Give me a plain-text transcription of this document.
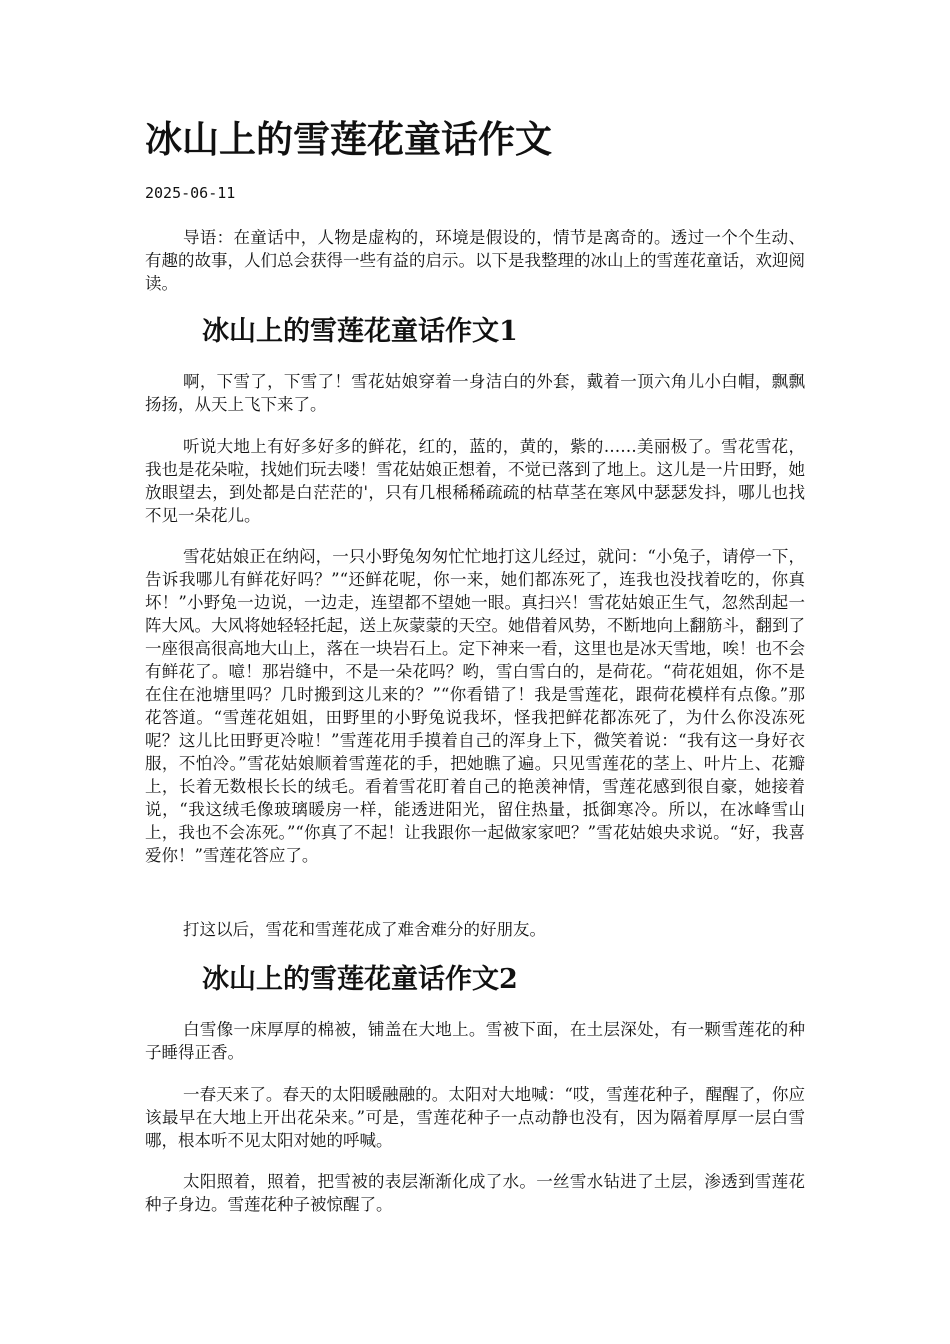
冰山上的雪莲花童话作文
2025-06-11

导语：在童话中，人物是虚构的，环境是假设的，情节是离奇的。透过一个个生动、有趣的故事，人们总会获得一些有益的启示。以下是我整理的冰山上的雪莲花童话，欢迎阅读。

冰山上的雪莲花童话作文1

啊，下雪了，下雪了！雪花姑娘穿着一身洁白的外套，戴着一顶六角儿小白帽，飘飘扬扬，从天上飞下来了。

听说大地上有好多好多的鲜花，红的，蓝的，黄的，紫的……美丽极了。雪花雪花，我也是花朵啦，找她们玩去喽！雪花姑娘正想着，不觉已落到了地上。这儿是一片田野，她放眼望去，到处都是白茫茫的'，只有几根稀稀疏疏的枯草茎在寒风中瑟瑟发抖，哪儿也找不见一朵花儿。

雪花姑娘正在纳闷，一只小野兔匆匆忙忙地打这儿经过，就问：“小兔子，请停一下，告诉我哪儿有鲜花好吗？”“还鲜花呢，你一来，她们都冻死了，连我也没找着吃的，你真坏！”小野兔一边说，一边走，连望都不望她一眼。真扫兴！雪花姑娘正生气，忽然刮起一阵大风。大风将她轻轻托起，送上灰蒙蒙的天空。她借着风势，不断地向上翻筋斗，翻到了一座很高很高地大山上，落在一块岩石上。定下神来一看，这里也是冰天雪地，唉！也不会有鲜花了。噫！那岩缝中，不是一朵花吗？哟，雪白雪白的，是荷花。“荷花姐姐，你不是在住在池塘里吗？几时搬到这儿来的？”“你看错了！我是雪莲花，跟荷花模样有点像。”那花答道。“雪莲花姐姐，田野里的小野兔说我坏，怪我把鲜花都冻死了，为什么你没冻死呢？这儿比田野更冷啦！”雪莲花用手摸着自己的浑身上下，微笑着说：“我有这一身好衣服，不怕冷。”雪花姑娘顺着雪莲花的手，把她瞧了遍。只见雪莲花的茎上、叶片上、花瓣上，长着无数根长长的绒毛。看着雪花盯着自己的艳羡神情，雪莲花感到很自豪，她接着说，“我这绒毛像玻璃暖房一样，能透进阳光，留住热量，抵御寒冷。所以，在冰峰雪山上，我也不会冻死。”“你真了不起！让我跟你一起做家家吧？”雪花姑娘央求说。“好，我喜爱你！”雪莲花答应了。

打这以后，雪花和雪莲花成了难舍难分的好朋友。

冰山上的雪莲花童话作文2

白雪像一床厚厚的棉被，铺盖在大地上。雪被下面，在土层深处，有一颗雪莲花的种子睡得正香。

一春天来了。春天的太阳暖融融的。太阳对大地喊：“哎，雪莲花种子，醒醒了，你应该最早在大地上开出花朵来。”可是，雪莲花种子一点动静也没有，因为隔着厚厚一层白雪哪，根本听不见太阳对她的呼喊。

太阳照着，照着，把雪被的表层渐渐化成了水。一丝雪水钻进了土层，渗透到雪莲花种子身边。雪莲花种子被惊醒了。
